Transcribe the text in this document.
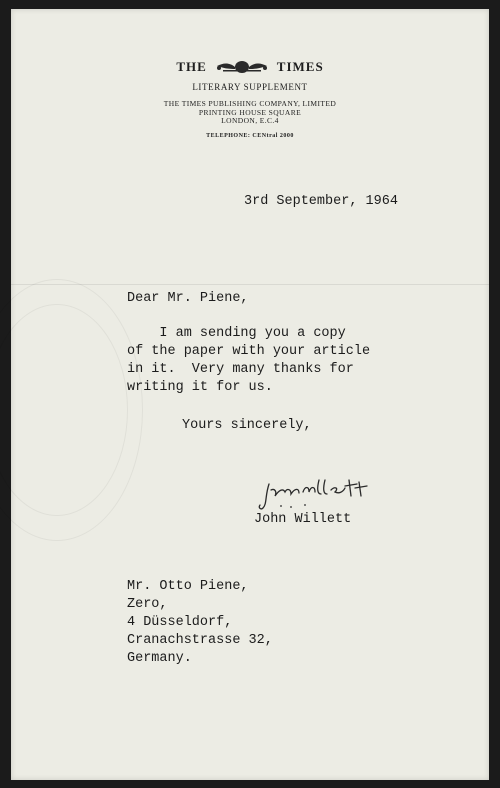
THE	TIMES
LITERARY SUPPLEMENT
THE TIMES PUBLISHING COMPANY, LIMITED
PRINTING HOUSE SQUARE
LONDON, E.C.4
TELEPHONE: CENtral 2000
3rd September, 1964
Dear Mr. Piene,
I am sending you a copy
of the paper with your article
in it.  Very many thanks for
writing it for us.
Yours sincerely,
John Willett
Mr. Otto Piene,
Zero,
4 Düsseldorf,
Cranachstrasse 32,
Germany.
